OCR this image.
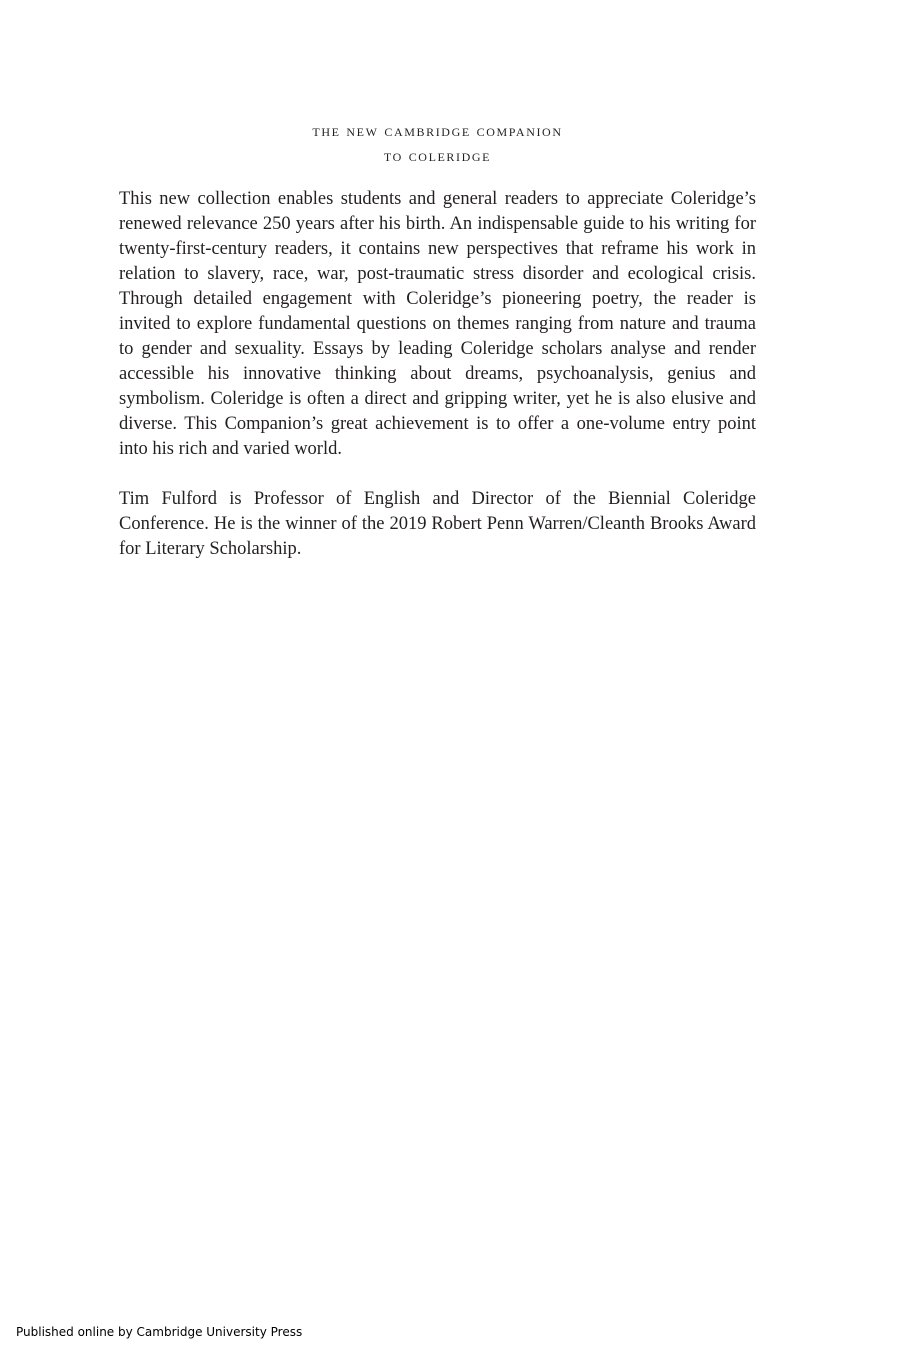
the new cambridge companion
to coleridge

This new collection enables students and general readers to appreciate Coleridge’s renewed relevance 250 years after his birth. An indispensable guide to his writing for twenty-first-century readers, it contains new perspectives that reframe his work in relation to slavery, race, war, post-traumatic stress disorder and ecological crisis. Through detailed engagement with Coleridge’s pioneering poetry, the reader is invited to explore fundamental questions on themes ranging from nature and trauma to gender and sexuality. Essays by leading Coleridge scholars analyse and render accessible his innovative thinking about dreams, psychoanalysis, genius and symbolism. Coleridge is often a direct and gripping writer, yet he is also elusive and diverse. This Companion’s great achievement is to offer a one-volume entry point into his rich and varied world.

Tim Fulford is Professor of English and Director of the Biennial Coleridge Conference. He is the winner of the 2019 Robert Penn Warren/Cleanth Brooks Award for Literary Scholarship.

Published online by Cambridge University Press
